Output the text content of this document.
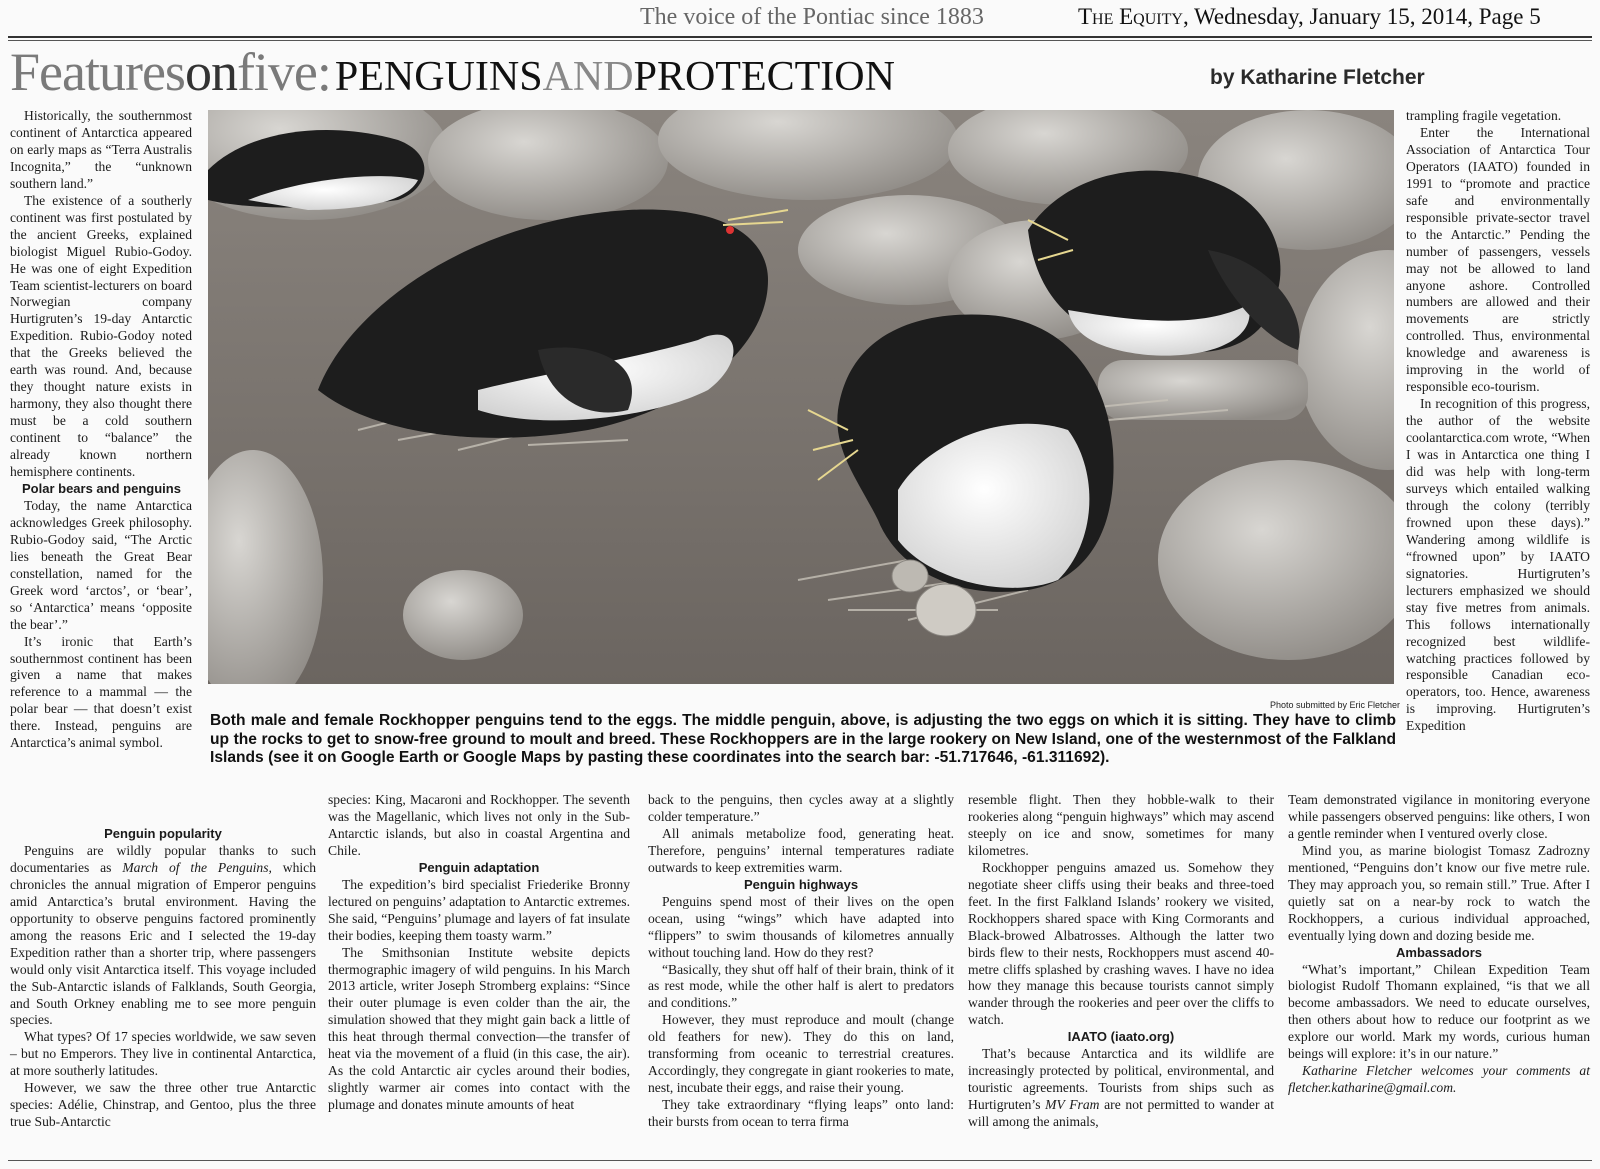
The voice of the Pontiac since 1883	The Equity, Wednesday, January 15, 2014, Page 5
Featuresonfive: PENGUINSANDPROTECTION	by Katharine Fletcher

Historically, the southernmost continent of Antarctica appeared on early maps as “Terra Australis Incognita,” the “unknown southern land.”

The existence of a southerly continent was first postulated by the ancient Greeks, explained biologist Miguel Rubio-Godoy. He was one of eight Expedition Team scientist-lecturers on board Norwegian company Hurtigruten’s 19-day Antarctic Expedition. Rubio-Godoy noted that the Greeks believed the earth was round. And, because they thought nature exists in harmony, they also thought there must be a cold southern continent to “balance” the already known northern hemisphere continents.

Polar bears and penguins

Today, the name Antarctica acknowledges Greek philosophy. Rubio-Godoy said, “The Arctic lies beneath the Great Bear constellation, named for the Greek word ‘arctos’, or ‘bear’, so ‘Antarctica’ means ‘opposite the bear’.”

It’s ironic that Earth’s southernmost continent has been given a name that makes reference to a mammal — the polar bear — that doesn’t exist there. Instead, penguins are Antarctica’s animal symbol.

Penguin popularity

Penguins are wildly popular thanks to such documentaries as March of the Penguins, which chronicles the annual migration of Emperor penguins amid Antarctica’s brutal environment. Having the opportunity to observe penguins factored prominently among the reasons Eric and I selected the 19-day Expedition rather than a shorter trip, where passengers would only visit Antarctica itself. This voyage included the Sub-Antarctic islands of Falklands, South Georgia, and South Orkney enabling me to see more penguin species.

What types? Of 17 species worldwide, we saw seven – but no Emperors. They live in continental Antarctica, at more southerly latitudes.

However, we saw the three other true Antarctic species: Adélie, Chinstrap, and Gentoo, plus the three true Sub-Antarctic

Photo submitted by Eric Fletcher
Both male and female Rockhopper penguins tend to the eggs. The middle penguin, above, is adjusting the two eggs on which it is sitting. They have to climb up the rocks to get to snow-free ground to moult and breed. These Rockhoppers are in the large rookery on New Island, one of the westernmost of the Falkland Islands (see it on Google Earth or Google Maps by pasting these coordinates into the search bar: -51.717646, -61.311692).

species: King, Macaroni and Rockhopper. The seventh was the Magellanic, which lives not only in the Sub-Antarctic islands, but also in coastal Argentina and Chile.

Penguin adaptation

The expedition’s bird specialist Friederike Bronny lectured on penguins’ adaptation to Antarctic extremes. She said, “Penguins’ plumage and layers of fat insulate their bodies, keeping them toasty warm.”

The Smithsonian Institute website depicts thermographic imagery of wild penguins. In his March 2013 article, writer Joseph Stromberg explains: “Since their outer plumage is even colder than the air, the simulation showed that they might gain back a little of this heat through thermal convection—the transfer of heat via the movement of a fluid (in this case, the air). As the cold Antarctic air cycles around their bodies, slightly warmer air comes into contact with the plumage and donates minute amounts of heat

back to the penguins, then cycles away at a slightly colder temperature.”

All animals metabolize food, generating heat. Therefore, penguins’ internal temperatures radiate outwards to keep extremities warm.

Penguin highways

Penguins spend most of their lives on the open ocean, using “wings” which have adapted into “flippers” to swim thousands of kilometres annually without touching land. How do they rest?

“Basically, they shut off half of their brain, think of it as rest mode, while the other half is alert to predators and conditions.”

However, they must reproduce and moult (change old feathers for new). They do this on land, transforming from oceanic to terrestrial creatures. Accordingly, they congregate in giant rookeries to mate, nest, incubate their eggs, and raise their young.

They take extraordinary “flying leaps” onto land: their bursts from ocean to terra firma

resemble flight. Then they hobble-walk to their rookeries along “penguin highways” which may ascend steeply on ice and snow, sometimes for many kilometres.

Rockhopper penguins amazed us. Somehow they negotiate sheer cliffs using their beaks and three-toed feet. In the first Falkland Islands’ rookery we visited, Rockhoppers shared space with King Cormorants and Black-browed Albatrosses. Although the latter two birds flew to their nests, Rockhoppers must ascend 40-metre cliffs splashed by crashing waves. I have no idea how they manage this because tourists cannot simply wander through the rookeries and peer over the cliffs to watch.

IAATO (iaato.org)

That’s because Antarctica and its wildlife are increasingly protected by political, environmental, and touristic agreements. Tourists from ships such as Hurtigruten’s MV Fram are not permitted to wander at will among the animals,

trampling fragile vegetation.

Enter the International Association of Antarctica Tour Operators (IAATO) founded in 1991 to “promote and practice safe and environmentally responsible private-sector travel to the Antarctic.” Pending the number of passengers, vessels may not be allowed to land anyone ashore. Controlled numbers are allowed and their movements are strictly controlled. Thus, environmental knowledge and awareness is improving in the world of responsible eco-tourism.

In recognition of this progress, the author of the website coolantarctica.com wrote, “When I was in Antarctica one thing I did was help with long-term surveys which entailed walking through the colony (terribly frowned upon these days).” Wandering among wildlife is “frowned upon” by IAATO signatories. Hurtigruten’s lecturers emphasized we should stay five metres from animals. This follows internationally recognized best wildlife-watching practices followed by responsible Canadian eco-operators, too. Hence, awareness is improving. Hurtigruten’s Expedition

Team demonstrated vigilance in monitoring everyone while passengers observed penguins: like others, I won a gentle reminder when I ventured overly close.

Mind you, as marine biologist Tomasz Zadrozny mentioned, “Penguins don’t know our five metre rule. They may approach you, so remain still.” True. After I quietly sat on a near-by rock to watch the Rockhoppers, a curious individual approached, eventually lying down and dozing beside me.

Ambassadors

“What’s important,” Chilean Expedition Team biologist Rudolf Thomann explained, “is that we all become ambassadors. We need to educate ourselves, then others about how to reduce our footprint as we explore our world. Mark my words, curious human beings will explore: it’s in our nature.”

Katharine Fletcher welcomes your comments at fletcher.katharine@gmail.com.
